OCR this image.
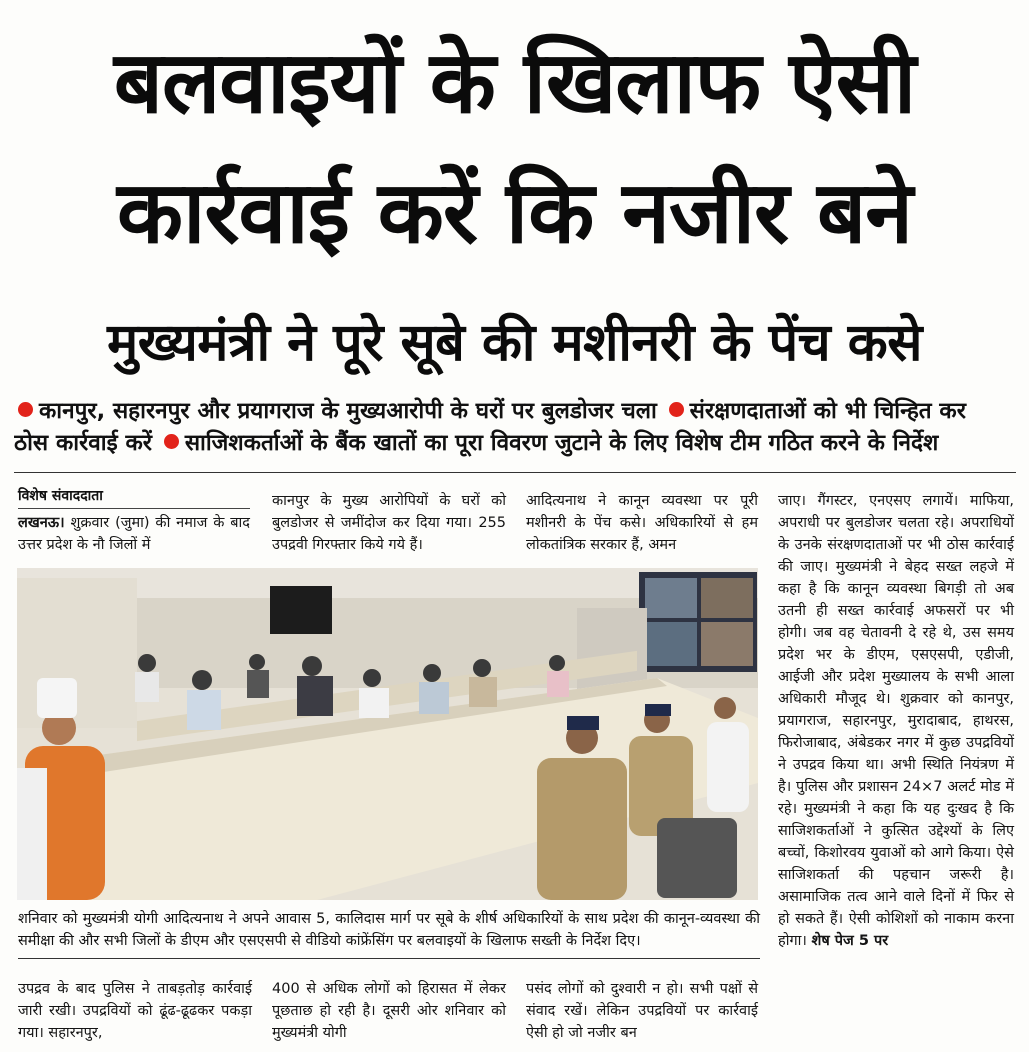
बलवाइयों के खिलाफ ऐसी
कार्रवाई करें कि नजीर बने
मुख्यमंत्री ने पूरे सूबे की मशीनरी के पेंच कसे
कानपुर, सहारनपुर और प्रयागराज के मुख्यआरोपी के घरों पर बुलडोजर चला संरक्षणदाताओं को भी चिन्हित कर
ठोस कार्रवाई करें साजिशकर्ताओं के बैंक खातों का पूरा विवरण जुटाने के लिए विशेष टीम गठित करने के निर्देश
विशेष संवाददाता
लखनऊ। शुक्रवार (जुमा) की नमाज के बाद उत्तर प्रदेश के नौ जिलों में
कानपुर के मुख्य आरोपियों के घरों को बुलडोजर से जमींदोज कर दिया गया। 255 उपद्रवी गिरफ्तार किये गये हैं।
आदित्यनाथ ने कानून व्यवस्था पर पूरी मशीनरी के पेंच कसे। अधिकारियों से हम लोकतांत्रिक सरकार हैं, अमन
जाए। गैंगस्टर, एनएसए लगायें। माफिया, अपराधी पर बुलडोजर चलता रहे। अपराधियों के उनके संरक्षणदाताओं पर भी ठोस कार्रवाई की जाए। मुख्यमंत्री ने बेहद सख्त लहजे में कहा है कि कानून व्यवस्था बिगड़ी तो अब उतनी ही सख्त कार्रवाई अफसरों पर भी होगी। जब वह चेतावनी दे रहे थे, उस समय प्रदेश भर के डीएम, एसएसपी, एडीजी, आईजी और प्रदेश मुख्यालय के सभी आला अधिकारी मौजूद थे। शुक्रवार को कानपुर, प्रयागराज, सहारनपुर, मुरादाबाद, हाथरस, फिरोजाबाद, अंबेडकर नगर में कुछ उपद्रवियों ने उपद्रव किया था। अभी स्थिति नियंत्रण में है। पुलिस और प्रशासन 24×7 अलर्ट मोड में रहे। मुख्यमंत्री ने कहा कि यह दुःखद है कि साजिशकर्ताओं ने कुत्सित उद्देश्यों के लिए बच्चों, किशोरवय युवाओं को आगे किया। ऐसे साजिशकर्ता की पहचान जरूरी है। असामाजिक तत्व आने वाले दिनों में फिर से हो सकते हैं। ऐसी कोशिशों को नाकाम करना होगा। शेष पेज 5 पर
शनिवार को मुख्यमंत्री योगी आदित्यनाथ ने अपने आवास 5, कालिदास मार्ग पर सूबे के शीर्ष अधिकारियों के साथ प्रदेश की कानून-व्यवस्था की समीक्षा की और सभी जिलों के डीएम और एसएसपी से वीडियो कांफ्रेंसिंग पर बलवाइयों के खिलाफ सख्ती के निर्देश दिए।
उपद्रव के बाद पुलिस ने ताबड़तोड़ कार्रवाई जारी रखी। उपद्रवियों को ढूंढ-ढूढकर पकड़ा गया। सहारनपुर,
400 से अधिक लोगों को हिरासत में लेकर पूछताछ हो रही है। दूसरी ओर शनिवार को मुख्यमंत्री योगी
पसंद लोगों को दुश्वारी न हो। सभी पक्षों से संवाद रखें। लेकिन उपद्रवियों पर कार्रवाई ऐसी हो जो नजीर बन
